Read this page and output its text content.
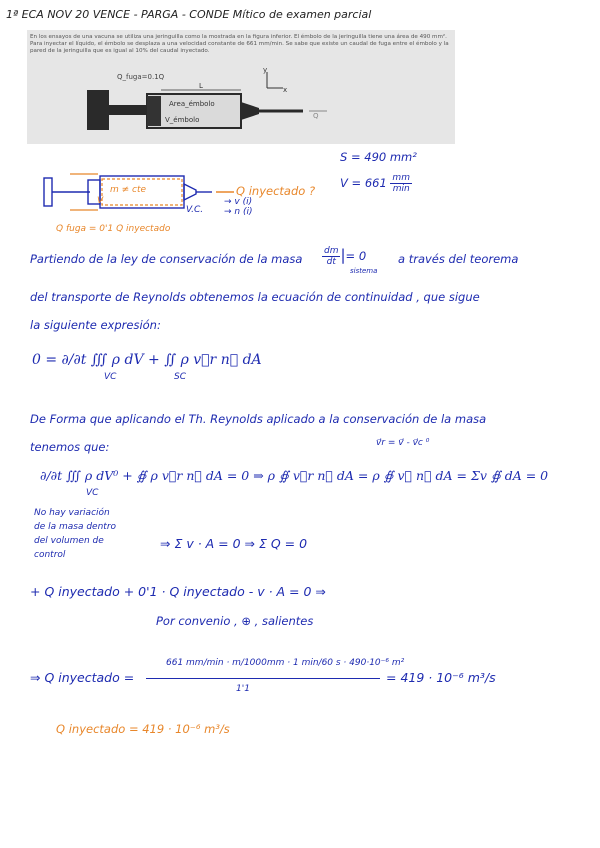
1ª ECA NOV 20 VENCE - PARGA - CONDE Mítico de examen parcial
En los ensayos de una vacuna se utiliza una jeringuilla como la mostrada en la figura inferior. El émbolo de la jeringuilla tiene una área de 490 mm². Para inyectar el líquido, el émbolo se desplaza a una velocidad constante de 661 mm/min. Se sabe que existe un caudal de fuga entre el émbolo y la pared de la jeringuilla que es igual al 10% del caudal inyectado.
Q_fuga=0.1Q
L
Area_émbolo
V_émbolo	Q
y
x
S = 490 mm²
$V = 661 \frac{mm}{\min}$
m ≠ cte
V
Q inyectado ?
V.C.
→ v (i)
→ n (i)
Q fuga = 0'1 Q inyectado
Partiendo de la ley de conservación de la masa $\frac{dm}{dt}$ |= 0
sistema
a través del teorema
del transporte de Reynolds obtenemos la ecuación de continuidad , que sigue
la siguiente expresión:
0 = ∂/∂t ∭ ρ dV + ∬ ρ v⃗r n⃗ dA
VC	SC
De Forma que aplicando el Th. Reynolds aplicado a la conservación de la masa
tenemos que:	v⃗r = v⃗ - v⃗c ⁰
∂/∂t ∭ ρ dV⁰ + ∯ ρ v⃗r n⃗ dA = 0 ⇒ ρ ∯ v⃗r n⃗ dA = ρ ∯ v⃗ n⃗ dA = Σv ∯ dA = 0
VC
No hay variación
de la masa dentro
del volumen de
control
⇒ Σ v · A = 0 ⇒ Σ Q = 0
+ Q inyectado + 0'1 · Q inyectado - v · A = 0 ⇒
Por convenio , ⊕ , salientes
⇒ Q inyectado =
661 mm/min · m/1000mm · 1 min/60 s · 490·10⁻⁶ m²
1'1
= 419 · 10⁻⁶ m³/s
Q inyectado = 419 · 10⁻⁶ m³/s
